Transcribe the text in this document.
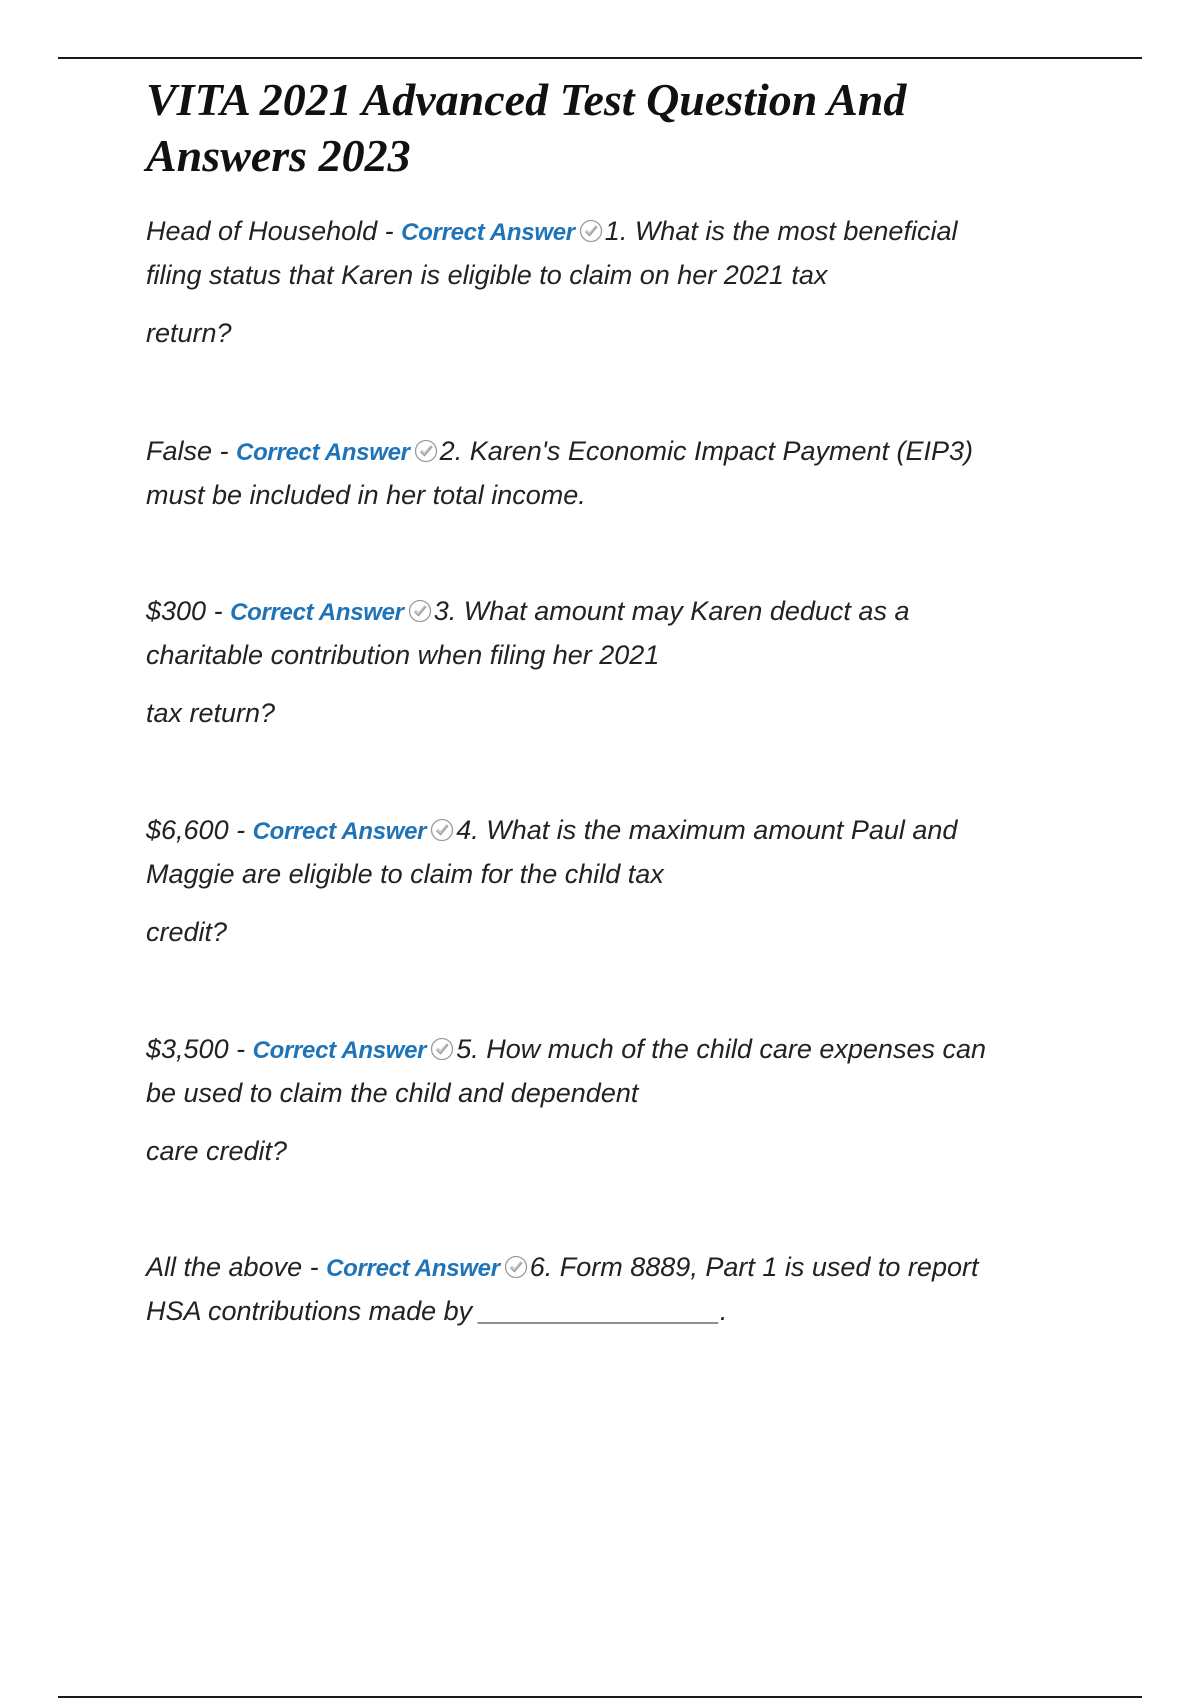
VITA 2021 Advanced Test Question And
Answers 2023
Head of Household - Correct Answer 1. What is the most beneficial
filing status that Karen is eligible to claim on her 2021 tax
return?
False - Correct Answer 2. Karen's Economic Impact Payment (EIP3)
must be included in her total income.
$300 - Correct Answer 3. What amount may Karen deduct as a
charitable contribution when filing her 2021
tax return?
$6,600 - Correct Answer 4. What is the maximum amount Paul and
Maggie are eligible to claim for the child tax
credit?
$3,500 - Correct Answer 5. How much of the child care expenses can
be used to claim the child and dependent
care credit?
All the above - Correct Answer 6. Form 8889, Part 1 is used to report
HSA contributions made by ________________.
